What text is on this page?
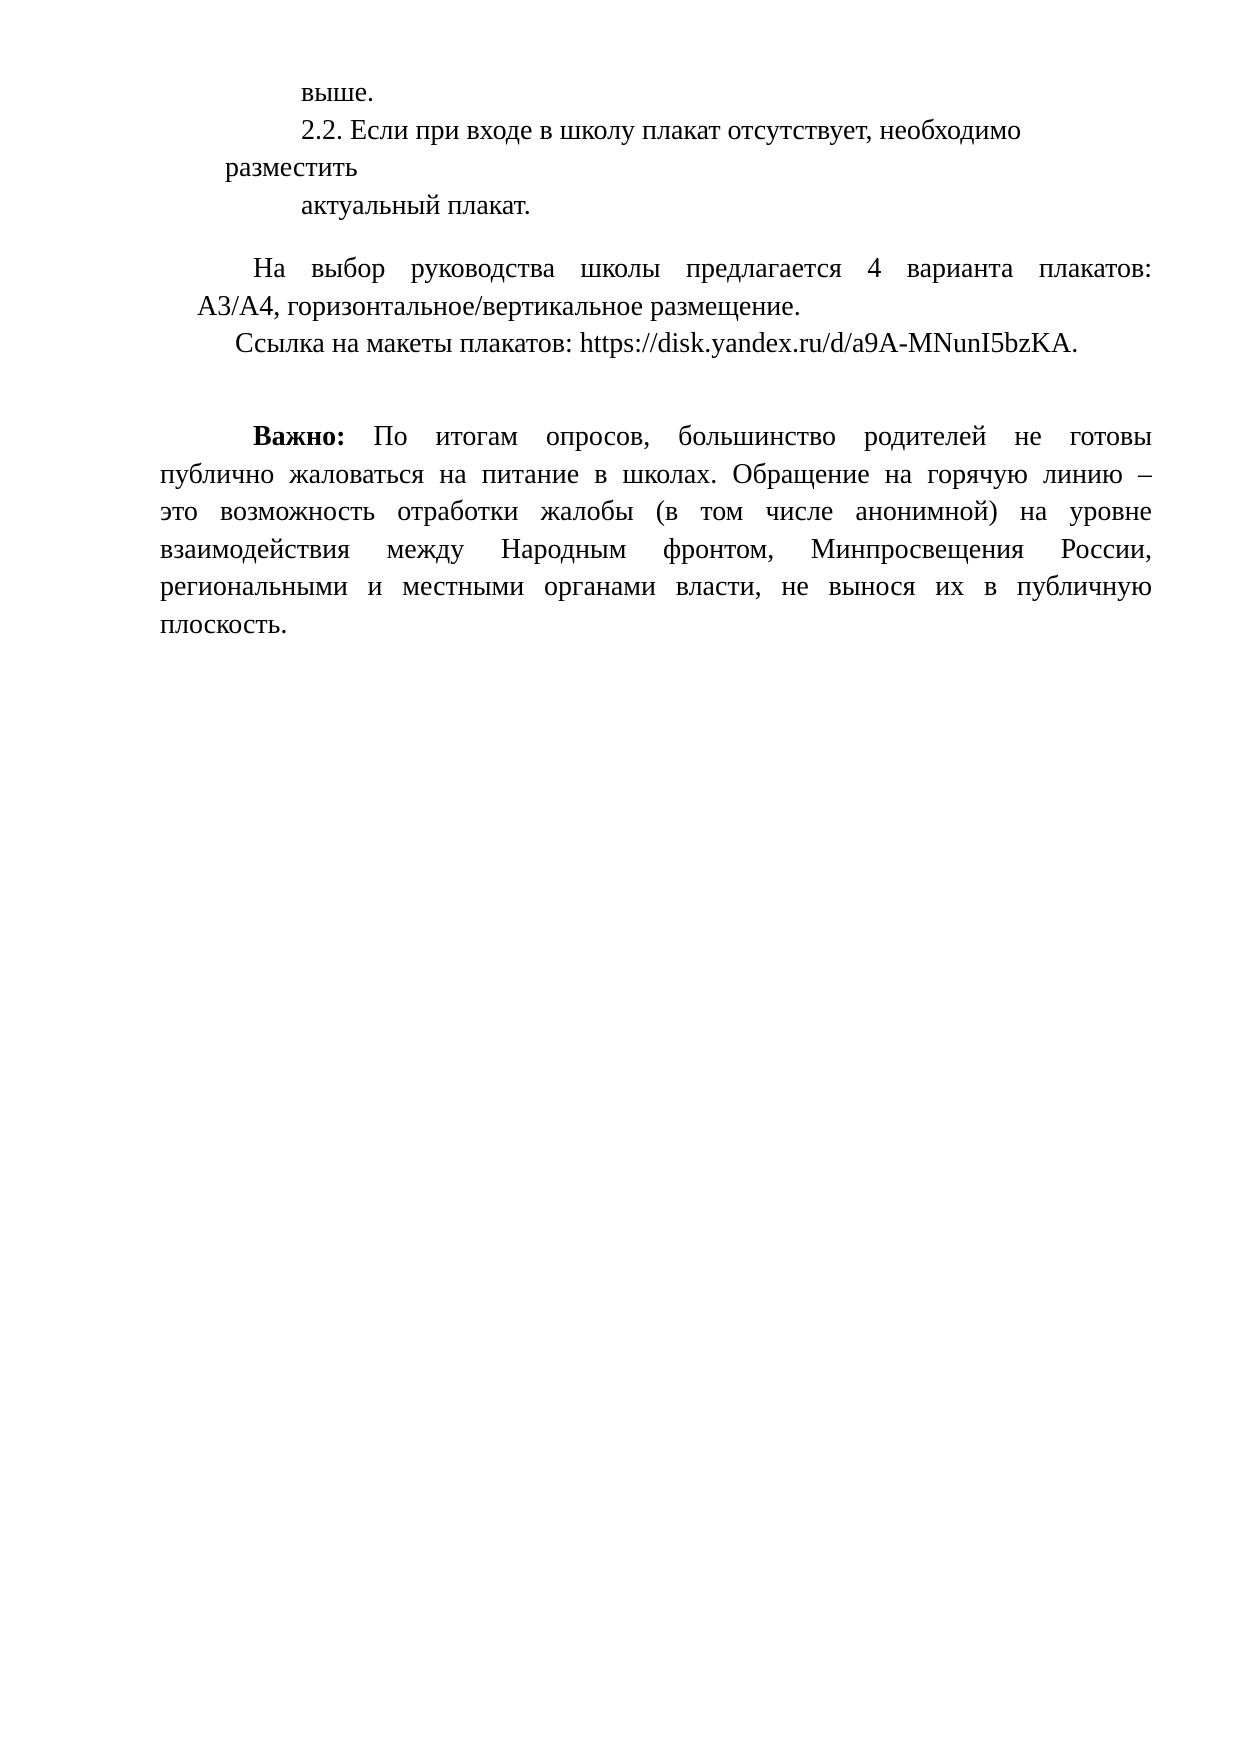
выше.
2.2. Если при входе в школу плакат отсутствует, необходимо
разместить
актуальный плакат.
На выбор руководства школы предлагается 4 варианта плакатов:
А3/А4, горизонтальное/вертикальное размещение.
Ссылка на макеты плакатов: https://disk.yandex.ru/d/a9A-MNunI5bzKA.
Важно: По итогам опросов, большинство родителей не готовы
публично жаловаться на питание в школах. Обращение на горячую линию –
это возможность отработки жалобы (в том числе анонимной) на уровне
взаимодействия между Народным фронтом, Минпросвещения России,
региональными и местными органами власти, не вынося их в публичную
плоскость.
